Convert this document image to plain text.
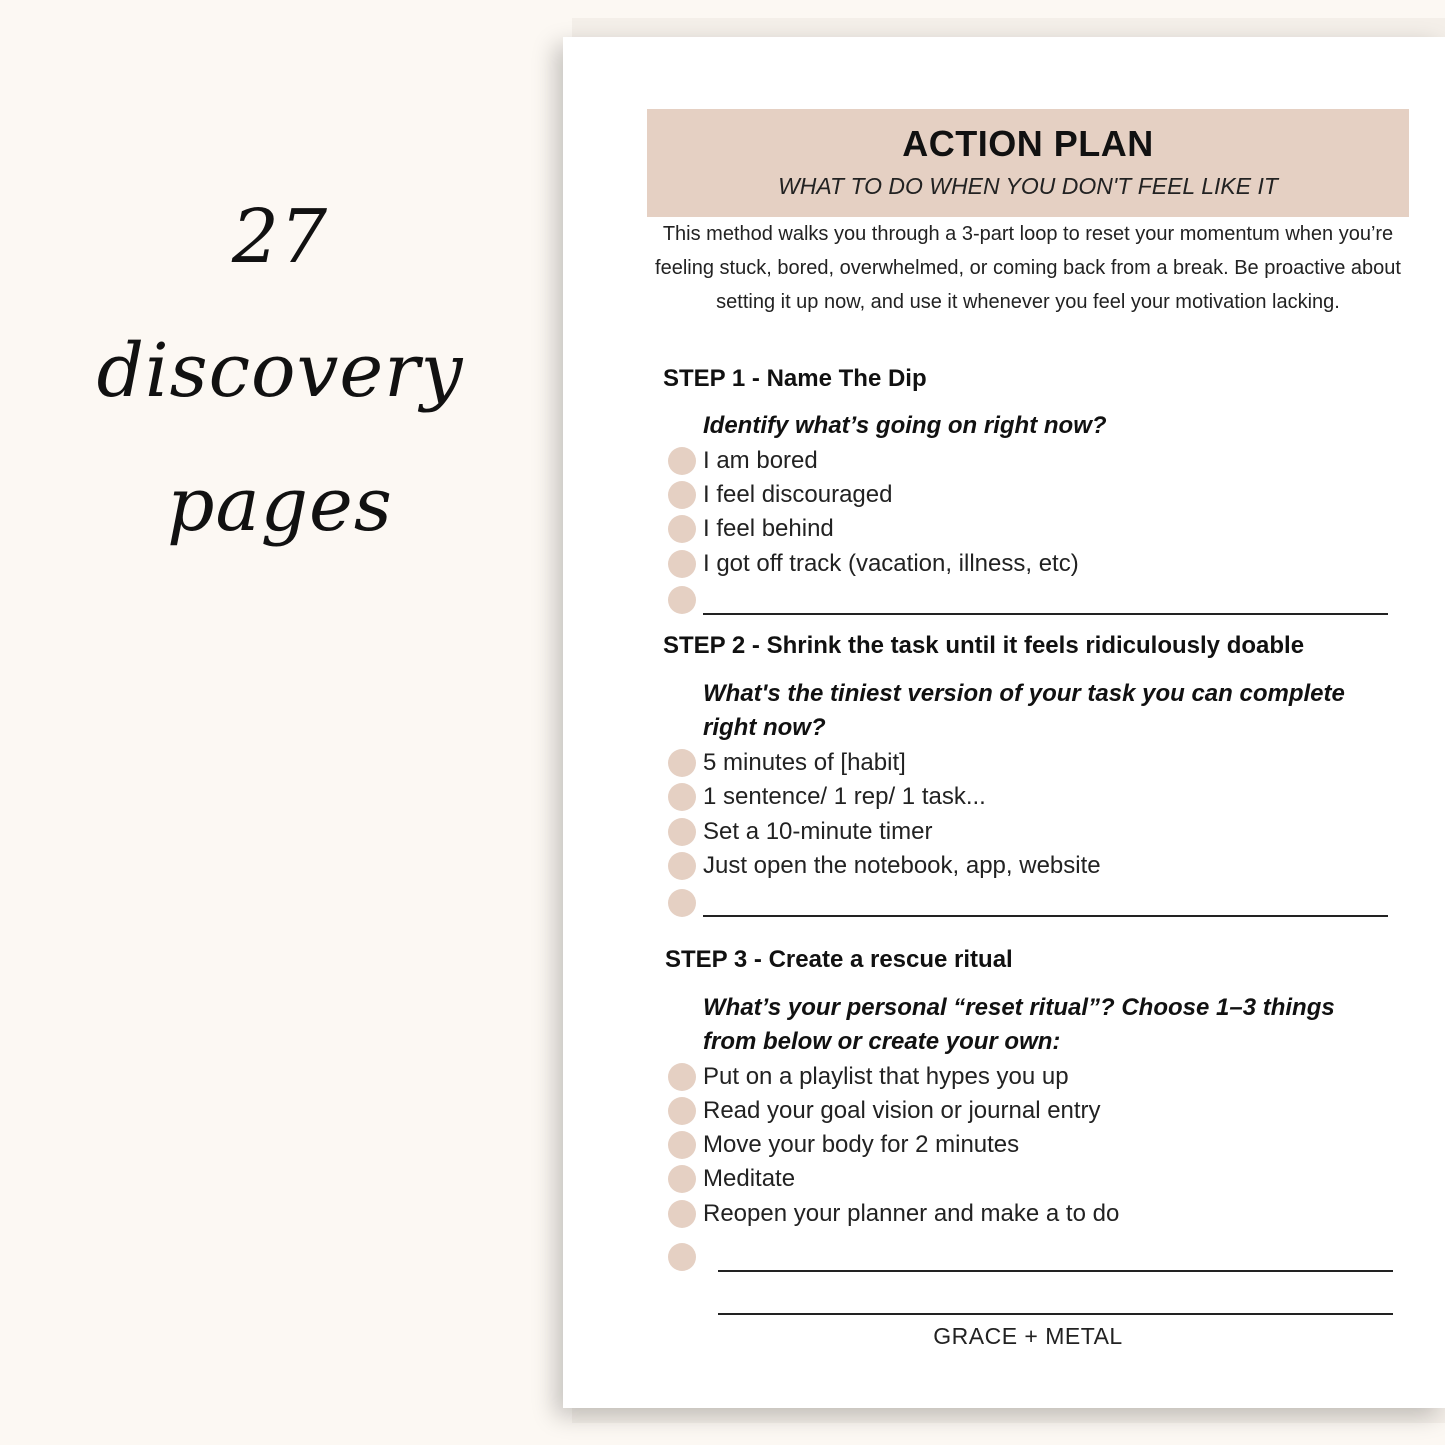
27 discovery
pages
ACTION PLAN
WHAT TO DO WHEN YOU DON'T FEEL LIKE IT
This method walks you through a 3-part loop to reset your momentum when you’re feeling stuck, bored, overwhelmed, or coming back from a break. Be proactive about setting it up now, and use it whenever you feel your motivation lacking.
STEP 1 - Name The Dip
Identify what’s going on right now?
I am bored
I feel discouraged
I feel behind
I got off track (vacation, illness, etc)
STEP 2 - Shrink the task until it feels ridiculously doable
What's the tiniest version of your task you can complete right now?
5 minutes of [habit]
1 sentence/ 1 rep/ 1 task...
Set a 10-minute timer
Just open the notebook, app, website
STEP 3 - Create a rescue ritual
What’s your personal “reset ritual”? Choose 1–3 things from below or create your own:
Put on a playlist that hypes you up
Read your goal vision or journal entry
Move your body for 2 minutes
Meditate
Reopen your planner and make a to do
GRACE + METAL
